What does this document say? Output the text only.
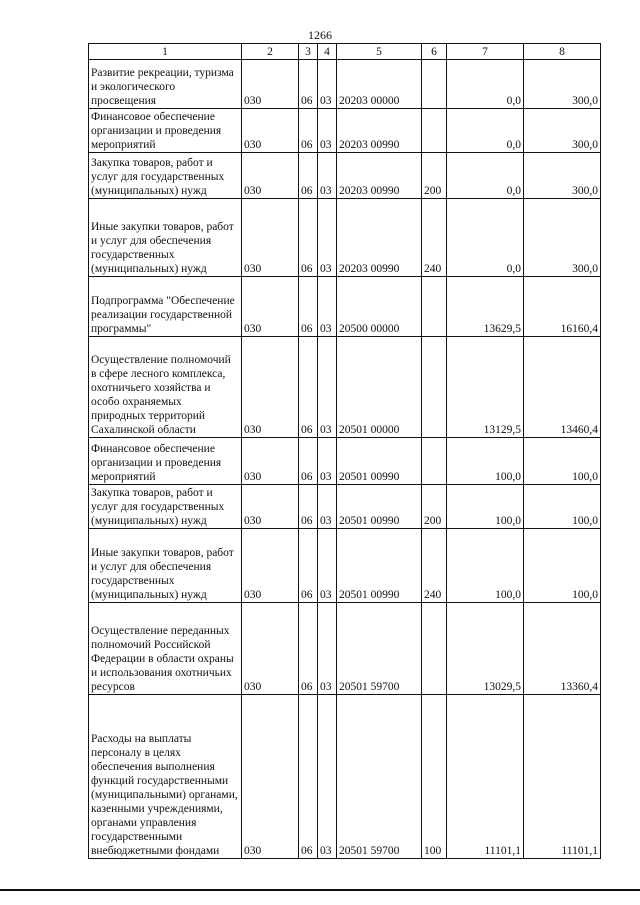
1266
1	2	3	4	5	6	7	8
Развитие рекреации, туризма и экологического просвещения	030	06	03	20203 00000		0,0	300,0
Финансовое обеспечение организации и проведения мероприятий	030	06	03	20203 00990		0,0	300,0
Закупка товаров, работ и услуг для государственных (муниципальных) нужд	030	06	03	20203 00990	200	0,0	300,0
Иные закупки товаров, работ и услуг для обеспечения государственных (муниципальных) нужд	030	06	03	20203 00990	240	0,0	300,0
Подпрограмма "Обеспечение реализации государственной программы"	030	06	03	20500 00000		13629,5	16160,4
Осуществление полномочий в сфере лесного комплекса, охотничьего хозяйства и особо охраняемых природных территорий Сахалинской области	030	06	03	20501 00000		13129,5	13460,4
Финансовое обеспечение организации и проведения мероприятий	030	06	03	20501 00990		100,0	100,0
Закупка товаров, работ и услуг для государственных (муниципальных) нужд	030	06	03	20501 00990	200	100,0	100,0
Иные закупки товаров, работ и услуг для обеспечения государственных (муниципальных) нужд	030	06	03	20501 00990	240	100,0	100,0
Осуществление переданных полномочий Российской Федерации в области охраны и использования охотничьих ресурсов	030	06	03	20501 59700		13029,5	13360,4
Расходы на выплаты персоналу в целях обеспечения выполнения функций государственными (муниципальными) органами, казенными учреждениями, органами управления государственными внебюджетными фондами	030	06	03	20501 59700	100	11101,1	11101,1
